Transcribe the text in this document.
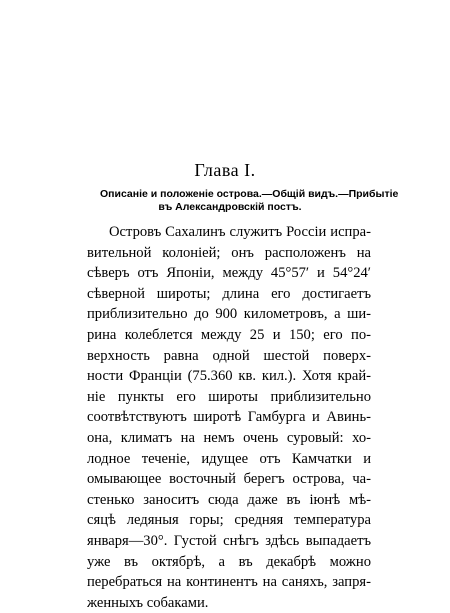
Глава I.
Описаніе и положеніе острова.—Общій видъ.—Прибытіе
въ Александровскій постъ.
Островъ Сахалинъ служитъ Россіи испра-
вительной колоніей; онъ расположенъ на
сѣверъ отъ Японіи, между 45°57′ и 54°24′
сѣверной широты; длина его достигаетъ
приблизительно до 900 километровъ, а ши-
рина колеблется между 25 и 150; его по-
верхность равна одной шестой поверх-
ности Франціи (75.360 кв. кил.). Хотя край-
ніе пункты его широты приблизительно
соотвѣтствуютъ широтѣ Гамбурга и Авинь-
она, климатъ на немъ очень суровый: хо-
лодное теченіе, идущее отъ Камчатки и
омывающее восточный берегъ острова, ча-
стенько заноситъ сюда даже въ іюнѣ мѣ-
сяцѣ ледяныя горы; средняя температура
января—30°. Густой снѣгъ здѣсь выпадаетъ
уже въ октябрѣ, а въ декабрѣ можно
перебраться на континентъ на саняхъ, запря-
женныхъ собаками.
